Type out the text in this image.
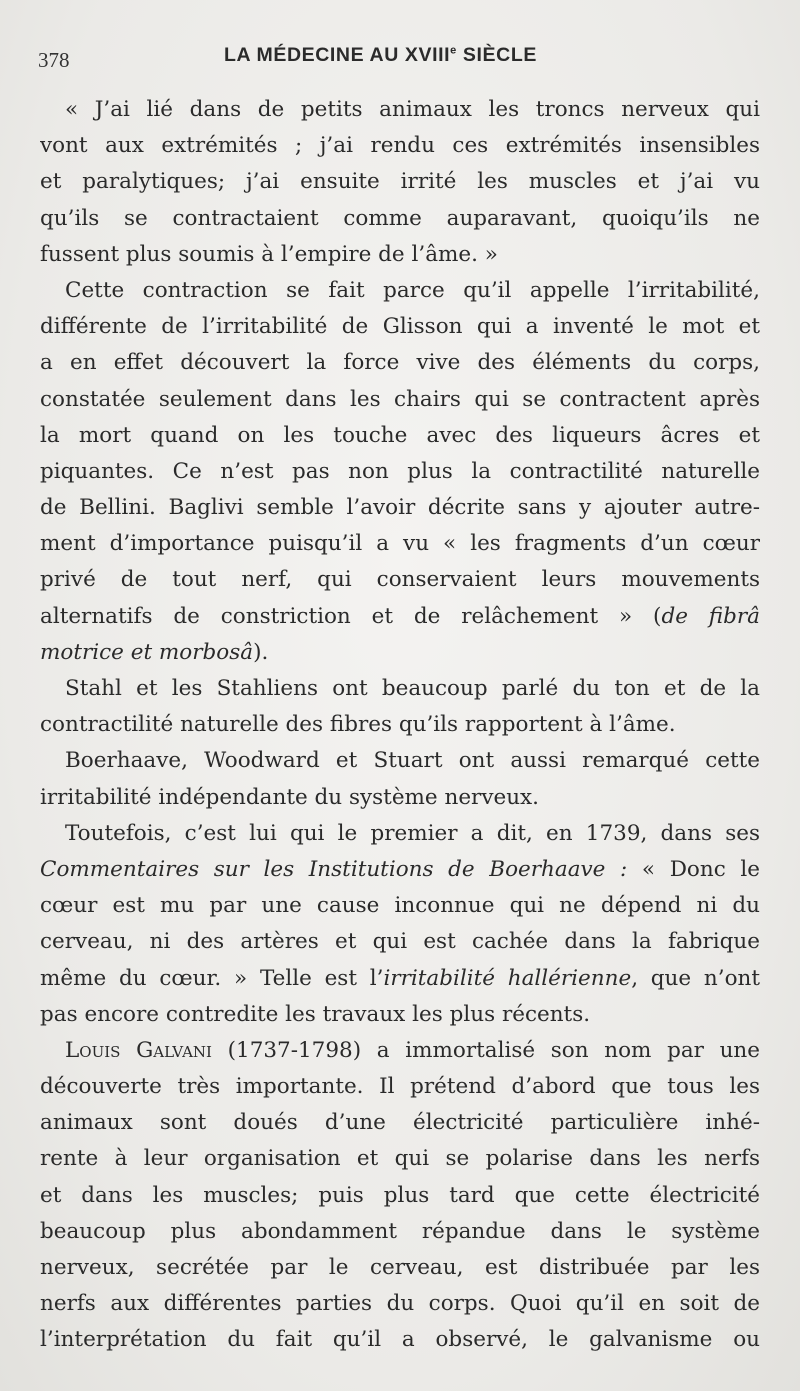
378	LA MÉDECINE AU XVIIIe SIÈCLE
« J’ai lié dans de petits animaux les troncs nerveux qui
vont aux extrémités ; j’ai rendu ces extrémités insensibles
et paralytiques; j’ai ensuite irrité les muscles et j’ai vu
qu’ils se contractaient comme auparavant, quoiqu’ils ne
fussent plus soumis à l’empire de l’âme. »
Cette contraction se fait parce qu’il appelle l’irritabilité,
différente de l’irritabilité de Glisson qui a inventé le mot et
a en effet découvert la force vive des éléments du corps,
constatée seulement dans les chairs qui se contractent après
la mort quand on les touche avec des liqueurs âcres et
piquantes. Ce n’est pas non plus la contractilité naturelle
de Bellini. Baglivi semble l’avoir décrite sans y ajouter autre-
ment d’importance puisqu’il a vu « les fragments d’un cœur
privé de tout nerf, qui conservaient leurs mouvements
alternatifs de constriction et de relâchement » (de fibrâ
motrice et morbosâ).
Stahl et les Stahliens ont beaucoup parlé du ton et de la
contractilité naturelle des fibres qu’ils rapportent à l’âme.
Boerhaave, Woodward et Stuart ont aussi remarqué cette
irritabilité indépendante du système nerveux.
Toutefois, c’est lui qui le premier a dit, en 1739, dans ses
Commentaires sur les Institutions de Boerhaave : « Donc le
cœur est mu par une cause inconnue qui ne dépend ni du
cerveau, ni des artères et qui est cachée dans la fabrique
même du cœur. » Telle est l’irritabilité hallérienne, que n’ont
pas encore contredite les travaux les plus récents.
Louis Galvani (1737-1798) a immortalisé son nom par une
découverte très importante. Il prétend d’abord que tous les
animaux sont doués d’une électricité particulière inhé-
rente à leur organisation et qui se polarise dans les nerfs
et dans les muscles; puis plus tard que cette électricité
beaucoup plus abondamment répandue dans le système
nerveux, secrétée par le cerveau, est distribuée par les
nerfs aux différentes parties du corps. Quoi qu’il en soit de
l’interprétation du fait qu’il a observé, le galvanisme ou
